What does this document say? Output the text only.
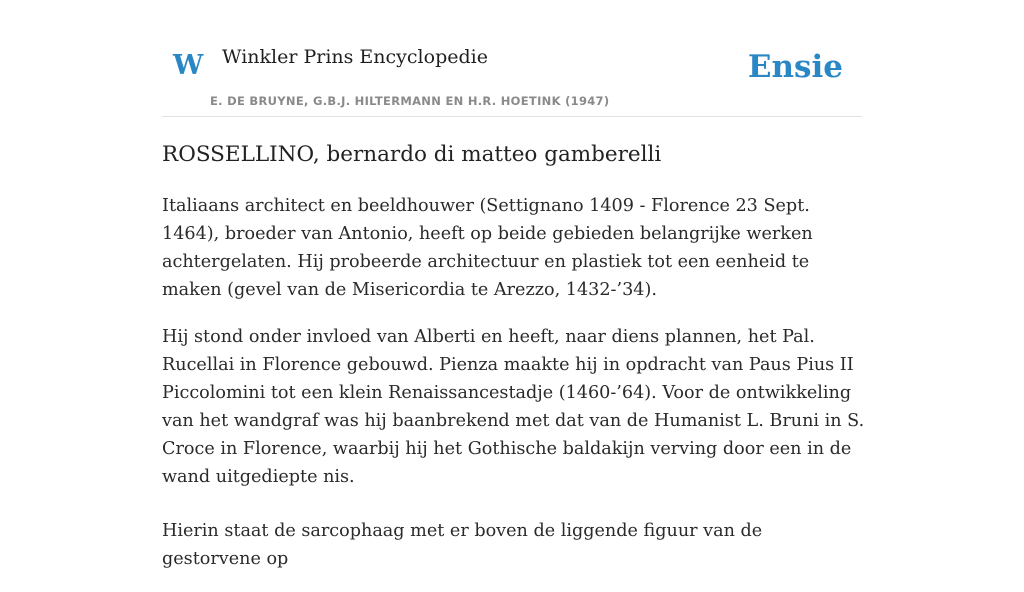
W Winkler Prins Encyclopedie
E. DE BRUYNE, G.B.J. HILTERMANN EN H.R. HOETINK (1947)
Ensie
ROSSELLINO, bernardo di matteo gamberelli

Italiaans architect en beeldhouwer (Settignano 1409 - Florence 23 Sept. 1464), broeder van Antonio, heeft op beide gebieden belangrijke werken achtergelaten. Hij probeerde architectuur en plastiek tot een eenheid te maken (gevel van de Misericordia te Arezzo, 1432-’34).

Hij stond onder invloed van Alberti en heeft, naar diens plannen, het Pal. Rucellai in Florence gebouwd. Pienza maakte hij in opdracht van Paus Pius II Piccolomini tot een klein Renaissancestadje (1460-’64). Voor de ontwikkeling van het wandgraf was hij baanbrekend met dat van de Humanist L. Bruni in S. Croce in Florence, waarbij hij het Gothische baldakijn verving door een in de wand uitgediepte nis.

Hierin staat de sarcophaag met er boven de liggende figuur van de gestorvene op
